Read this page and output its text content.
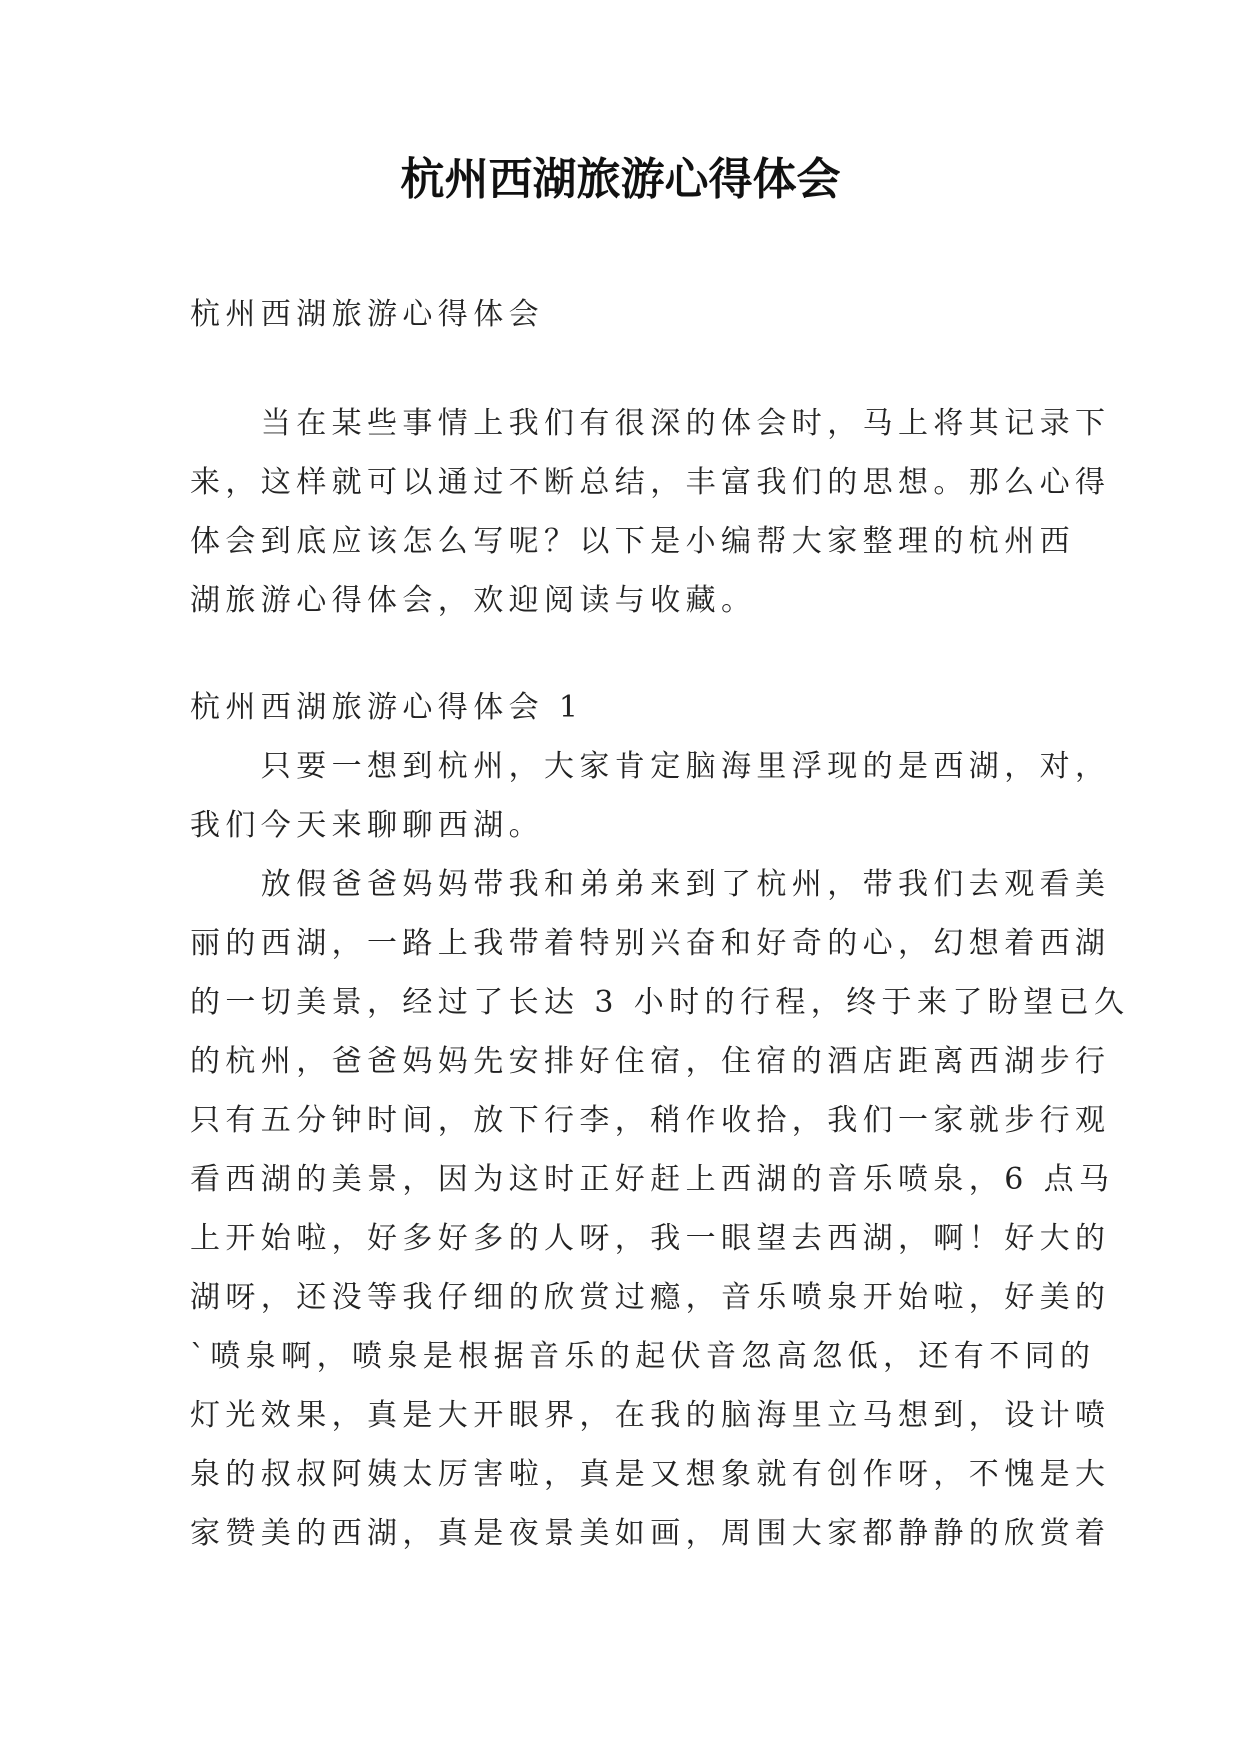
杭州西湖旅游心得体会
杭州西湖旅游心得体会
　　当在某些事情上我们有很深的体会时，马上将其记录下
来，这样就可以通过不断总结，丰富我们的思想。那么心得
体会到底应该怎么写呢？以下是小编帮大家整理的杭州西
湖旅游心得体会，欢迎阅读与收藏。
杭州西湖旅游心得体会 1
　　只要一想到杭州，大家肯定脑海里浮现的是西湖，对，
我们今天来聊聊西湖。
　　放假爸爸妈妈带我和弟弟来到了杭州，带我们去观看美
丽的西湖，一路上我带着特别兴奋和好奇的心，幻想着西湖
的一切美景，经过了长达 3 小时的行程，终于来了盼望已久
的杭州，爸爸妈妈先安排好住宿，住宿的酒店距离西湖步行
只有五分钟时间，放下行李，稍作收拾，我们一家就步行观
看西湖的美景，因为这时正好赶上西湖的音乐喷泉，6 点马
上开始啦，好多好多的人呀，我一眼望去西湖，啊！好大的
湖呀，还没等我仔细的欣赏过瘾，音乐喷泉开始啦，好美的
`喷泉啊，喷泉是根据音乐的起伏音忽高忽低，还有不同的
灯光效果，真是大开眼界，在我的脑海里立马想到，设计喷
泉的叔叔阿姨太厉害啦，真是又想象就有创作呀，不愧是大
家赞美的西湖，真是夜景美如画，周围大家都静静的欣赏着
